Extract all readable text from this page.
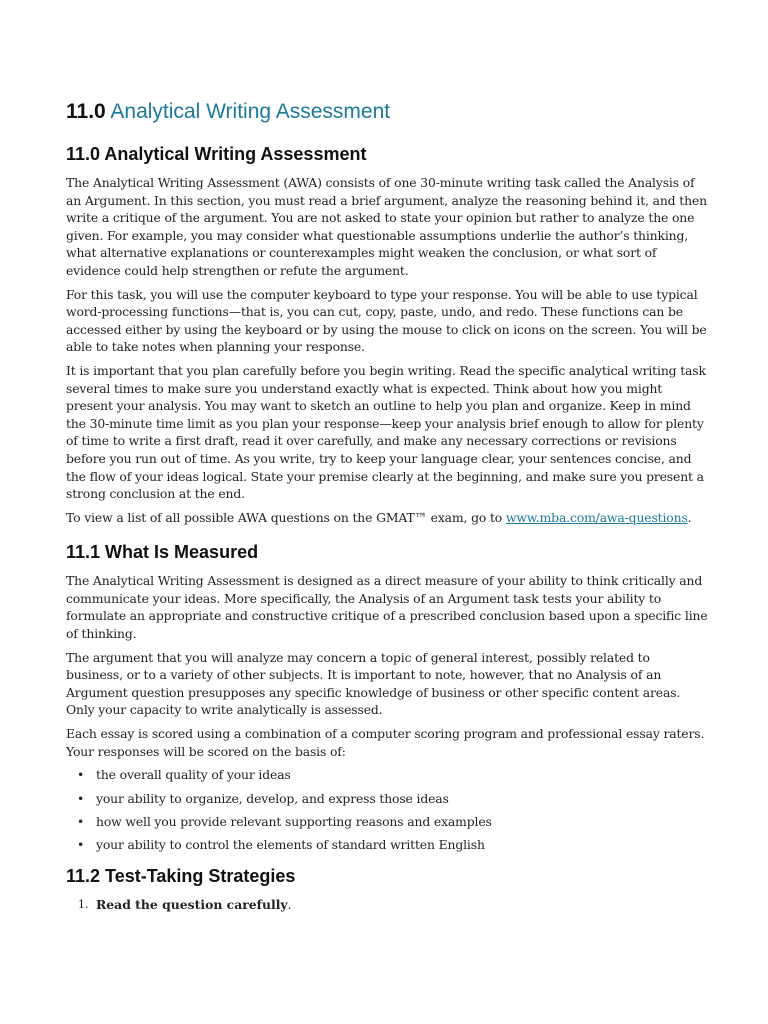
11.0 Analytical Writing Assessment
11.0 Analytical Writing Assessment

The Analytical Writing Assessment (AWA) consists of one 30-minute writing task called the Analysis of an Argument. In this section, you must read a brief argument, analyze the reasoning behind it, and then write a critique of the argument. You are not asked to state your opinion but rather to analyze the one given. For example, you may consider what questionable assumptions underlie the author’s thinking, what alternative explanations or counterexamples might weaken the conclusion, or what sort of evidence could help strengthen or refute the argument.

For this task, you will use the computer keyboard to type your response. You will be able to use typical word-processing functions—that is, you can cut, copy, paste, undo, and redo. These functions can be accessed either by using the keyboard or by using the mouse to click on icons on the screen. You will be able to take notes when planning your response.

It is important that you plan carefully before you begin writing. Read the specific analytical writing task several times to make sure you understand exactly what is expected. Think about how you might present your analysis. You may want to sketch an outline to help you plan and organize. Keep in mind the 30-minute time limit as you plan your response—keep your analysis brief enough to allow for plenty of time to write a first draft, read it over carefully, and make any necessary corrections or revisions before you run out of time. As you write, try to keep your language clear, your sentences concise, and the flow of your ideas logical. State your premise clearly at the beginning, and make sure you present a strong conclusion at the end.

To view a list of all possible AWA questions on the GMAT™ exam, go to www.mba.com/awa-questions.

11.1 What Is Measured

The Analytical Writing Assessment is designed as a direct measure of your ability to think critically and communicate your ideas. More specifically, the Analysis of an Argument task tests your ability to formulate an appropriate and constructive critique of a prescribed conclusion based upon a specific line of thinking.

The argument that you will analyze may concern a topic of general interest, possibly related to business, or to a variety of other subjects. It is important to note, however, that no Analysis of an Argument question presupposes any specific knowledge of business or other specific content areas. Only your capacity to write analytically is assessed.

Each essay is scored using a combination of a computer scoring program and professional essay raters. Your responses will be scored on the basis of:

• the overall quality of your ideas
• your ability to organize, develop, and express those ideas
• how well you provide relevant supporting reasons and examples
• your ability to control the elements of standard written English
11.2 Test-Taking Strategies
1. Read the question carefully.
